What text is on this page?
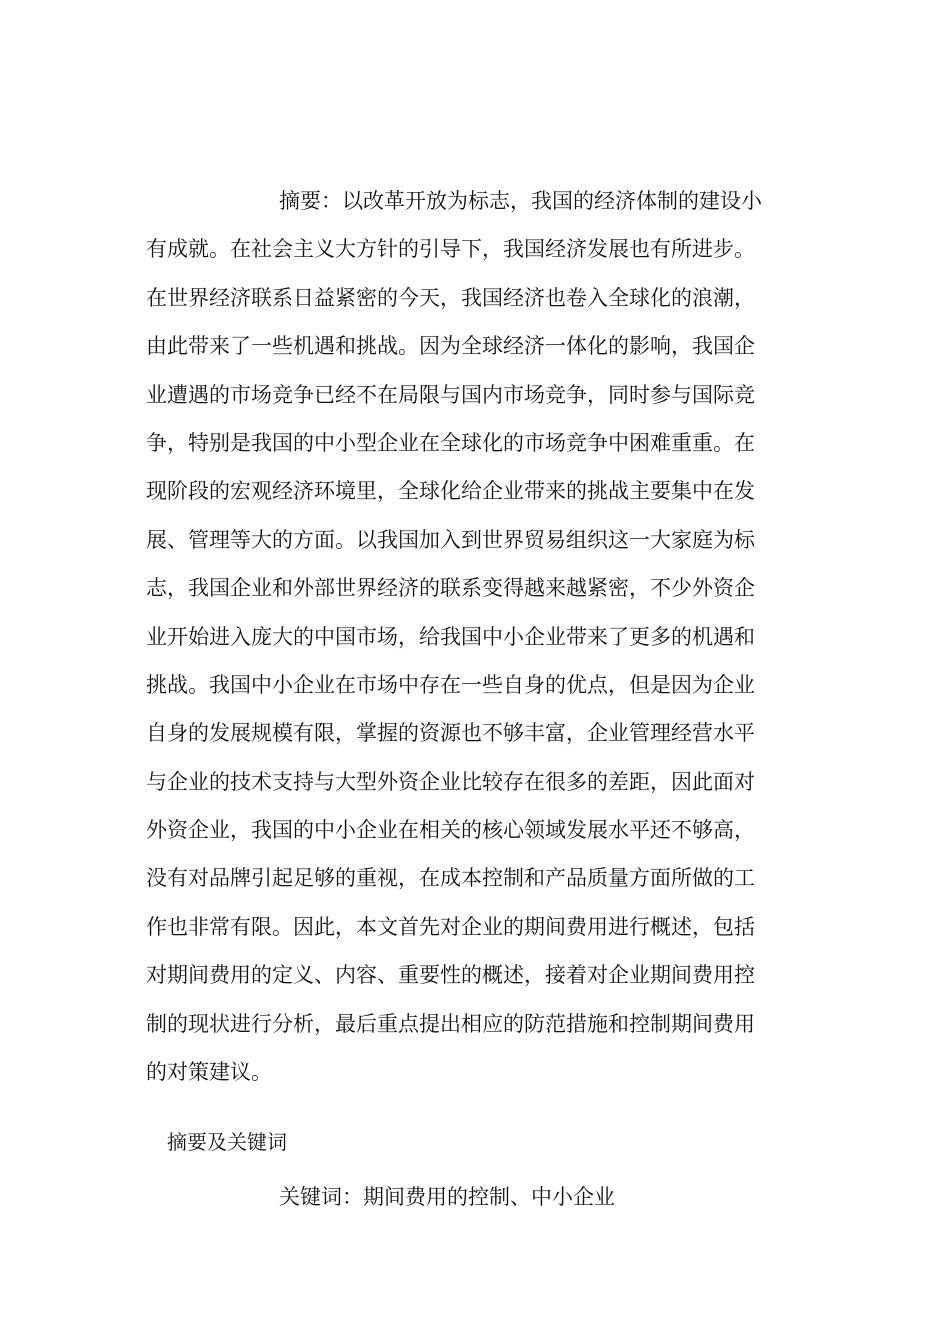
摘要：以改革开放为标志，我国的经济体制的建设小
有成就。在社会主义大方针的引导下，我国经济发展也有所进步。
在世界经济联系日益紧密的今天，我国经济也卷入全球化的浪潮，
由此带来了一些机遇和挑战。因为全球经济一体化的影响，我国企
业遭遇的市场竞争已经不在局限与国内市场竞争，同时参与国际竞
争，特别是我国的中小型企业在全球化的市场竞争中困难重重。在
现阶段的宏观经济环境里，全球化给企业带来的挑战主要集中在发
展、管理等大的方面。以我国加入到世界贸易组织这一大家庭为标
志，我国企业和外部世界经济的联系变得越来越紧密，不少外资企
业开始进入庞大的中国市场，给我国中小企业带来了更多的机遇和
挑战。我国中小企业在市场中存在一些自身的优点，但是因为企业
自身的发展规模有限，掌握的资源也不够丰富，企业管理经营水平
与企业的技术支持与大型外资企业比较存在很多的差距，因此面对
外资企业，我国的中小企业在相关的核心领域发展水平还不够高，
没有对品牌引起足够的重视，在成本控制和产品质量方面所做的工
作也非常有限。因此，本文首先对企业的期间费用进行概述，包括
对期间费用的定义、内容、重要性的概述，接着对企业期间费用控
制的现状进行分析，最后重点提出相应的防范措施和控制期间费用
的对策建议。
摘要及关键词
关键词：期间费用的控制、中小企业
